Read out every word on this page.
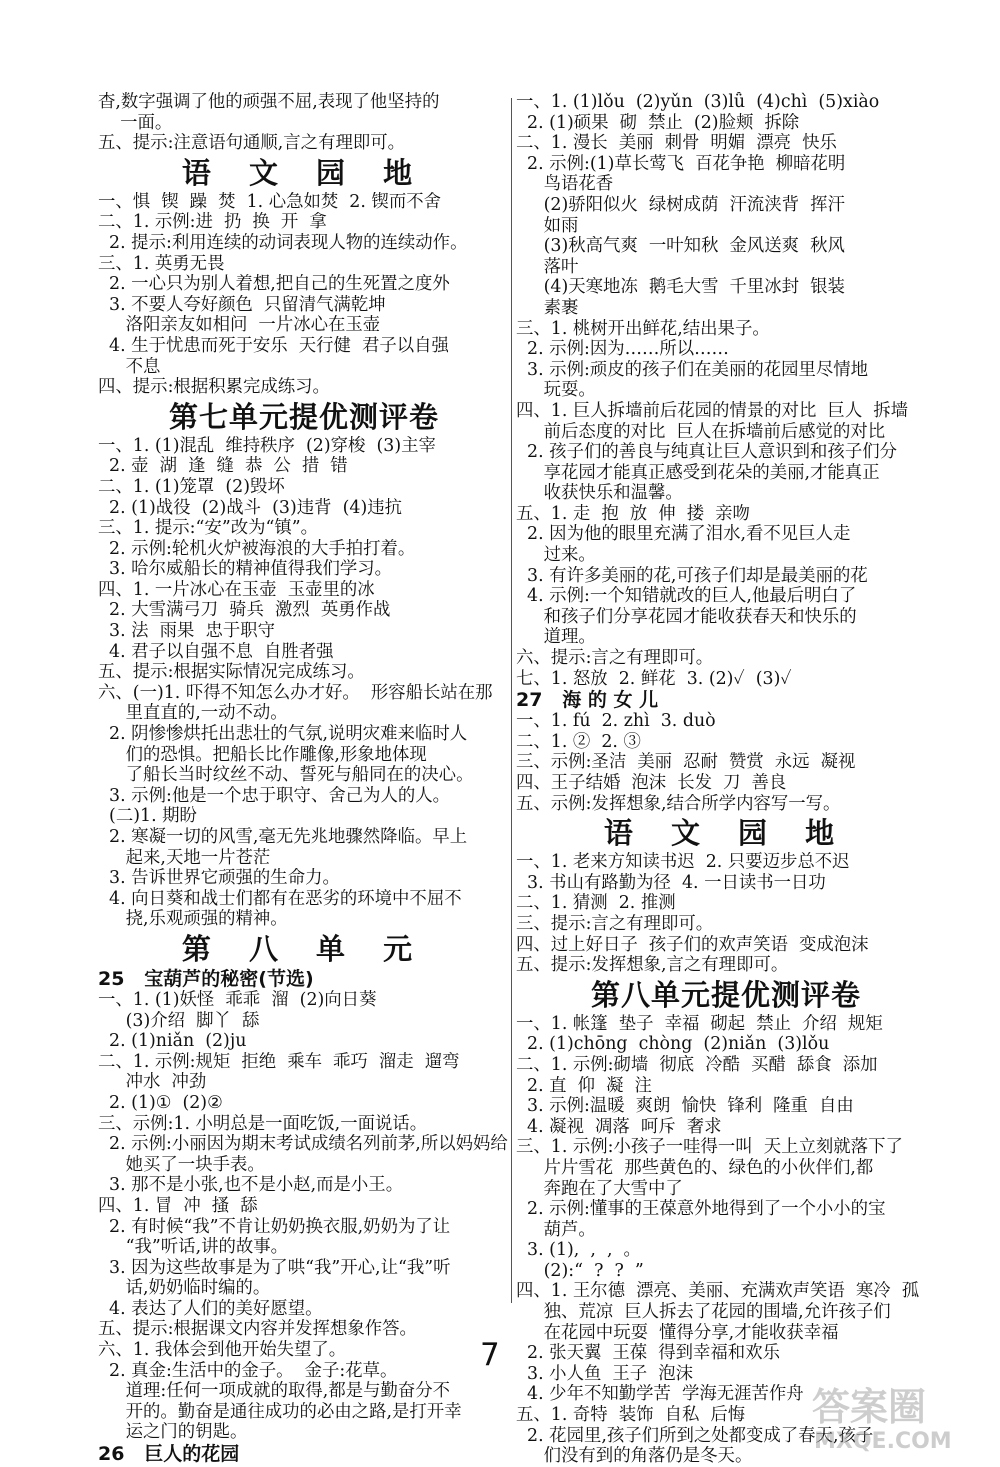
杳,数字强调了他的顽强不屈,表现了他坚持的
一面。
五、提示:注意语句通顺,言之有理即可。
语 文 园 地
一、惧  锲  躁  焚  1. 心急如焚  2. 锲而不舍
二、1. 示例:进  扔  换  开  拿
2. 提示:利用连续的动词表现人物的连续动作。
三、1. 英勇无畏
2. 一心只为别人着想,把自己的生死置之度外
3. 不要人夸好颜色  只留清气满乾坤
洛阳亲友如相问  一片冰心在玉壶
4. 生于忧患而死于安乐  天行健  君子以自强
不息
四、提示:根据积累完成练习。
第七单元提优测评卷
一、1. (1)混乱  维持秩序  (2)穿梭  (3)主宰
2. 壶  湖  逢  缝  恭  公  措  错
二、1. (1)笼罩  (2)毁坏
2. (1)战役  (2)战斗  (3)违背  (4)违抗
三、1. 提示:“安”改为“镇”。
2. 示例:轮机火炉被海浪的大手拍打着。
3. 哈尔威船长的精神值得我们学习。
四、1. 一片冰心在玉壶  玉壶里的冰
2. 大雪满弓刀  骑兵  激烈  英勇作战
3. 法  雨果  忠于职守
4. 君子以自强不息  自胜者强
五、提示:根据实际情况完成练习。
六、(一)1. 吓得不知怎么办才好。  形容船长站在那
里直直的,一动不动。
2. 阴惨惨烘托出悲壮的气氛,说明灾难来临时人
们的恐惧。把船长比作雕像,形象地体现
了船长当时纹丝不动、誓死与船同在的决心。
3. 示例:他是一个忠于职守、舍己为人的人。
(二)1. 期盼
2. 寒凝一切的风雪,毫无先兆地骤然降临。早上
起来,天地一片苍茫
3. 告诉世界它顽强的生命力。
4. 向日葵和战士们都有在恶劣的环境中不屈不
挠,乐观顽强的精神。
第 八 单 元
25   宝葫芦的秘密(节选)
一、1. (1)妖怪  乖乖  溜  (2)向日葵
(3)介绍  脚丫  舔
2. (1)niǎn  (2)ju
二、1. 示例:规矩  拒绝  乘车  乖巧  溜走  遛弯
冲水  冲劲
2. (1)①  (2)②
三、示例:1. 小明总是一面吃饭,一面说话。
2. 示例:小丽因为期末考试成绩名列前茅,所以妈妈给
她买了一块手表。
3. 那不是小张,也不是小赵,而是小王。
四、1. 冒  冲  搔  舔
2. 有时候“我”不肯让奶奶换衣服,奶奶为了让
“我”听话,讲的故事。
3. 因为这些故事是为了哄“我”开心,让“我”听
话,奶奶临时编的。
4. 表达了人们的美好愿望。
五、提示:根据课文内容并发挥想象作答。
六、1. 我体会到他开始失望了。
2. 真金:生活中的金子。  金子:花草。
道理:任何一项成就的取得,都是与勤奋分不
开的。勤奋是通往成功的必由之路,是打开幸
运之门的钥匙。
26   巨人的花园
一、1. (1)lǒu  (2)yǔn  (3)lǚ  (4)chì  (5)xiào
2. (1)硕果  砌  禁止  (2)脸颊  拆除
二、1. 漫长  美丽  刺骨  明媚  漂亮  快乐
2. 示例:(1)草长莺飞  百花争艳  柳暗花明
鸟语花香
(2)骄阳似火  绿树成荫  汗流浃背  挥汗
如雨
(3)秋高气爽  一叶知秋  金风送爽  秋风
落叶
(4)天寒地冻  鹅毛大雪  千里冰封  银装
素裹
三、1. 桃树开出鲜花,结出果子。
2. 示例:因为……所以……
3. 示例:顽皮的孩子们在美丽的花园里尽情地
玩耍。
四、1. 巨人拆墙前后花园的情景的对比  巨人  拆墙
前后态度的对比  巨人在拆墙前后感觉的对比
2. 孩子们的善良与纯真让巨人意识到和孩子们分
享花园才能真正感受到花朵的美丽,才能真正
收获快乐和温馨。
五、1. 走  抱  放  伸  搂  亲吻
2. 因为他的眼里充满了泪水,看不见巨人走
过来。
3. 有许多美丽的花,可孩子们却是最美丽的花
4. 示例:一个知错就改的巨人,他最后明白了
和孩子们分享花园才能收获春天和快乐的
道理。
六、提示:言之有理即可。
七、1. 怒放  2. 鲜花  3. (2)✓  (3)✓
27   海 的 女 儿
一、1. fú  2. zhì  3. duò
二、1. ②  2. ③
三、示例:圣洁  美丽  忍耐  赞赏  永远  凝视
四、王子结婚  泡沫  长发  刀  善良
五、示例:发挥想象,结合所学内容写一写。
语 文 园 地
一、1. 老来方知读书迟  2. 只要迈步总不迟
3. 书山有路勤为径  4. 一日读书一日功
二、1. 猜测  2. 推测
三、提示:言之有理即可。
四、过上好日子  孩子们的欢声笑语  变成泡沫
五、提示:发挥想象,言之有理即可。
第八单元提优测评卷
一、1. 帐篷  垫子  幸福  砌起  禁止  介绍  规矩
2. (1)chōng  chòng  (2)niǎn  (3)lǒu
二、1. 示例:砌墙  彻底  冷酷  买醋  舔食  添加
2. 直  仰  凝  注
3. 示例:温暖  爽朗  愉快  锋利  隆重  自由
4. 凝视  凋落  呵斥  奢求
三、1. 示例:小孩子一哇得一叫  天上立刻就落下了
片片雪花  那些黄色的、绿色的小伙伴们,都
奔跑在了大雪中了
2. 示例:懂事的王葆意外地得到了一个小小的宝
葫芦。
3. (1),  ,  ,  。
(2):“  ?  ?  ”
四、1. 王尔德  漂亮、美丽、充满欢声笑语  寒冷  孤
独、荒凉  巨人拆去了花园的围墙,允许孩子们
在花园中玩耍  懂得分享,才能收获幸福
2. 张天翼  王葆  得到幸福和欢乐
3. 小人鱼  王子  泡沫
4. 少年不知勤学苦  学海无涯苦作舟
五、1. 奇特  装饰  自私  后悔
2. 花园里,孩子们所到之处都变成了春天,孩子
们没有到的角落仍是冬天。
7
答案圈
MXQE.COM
